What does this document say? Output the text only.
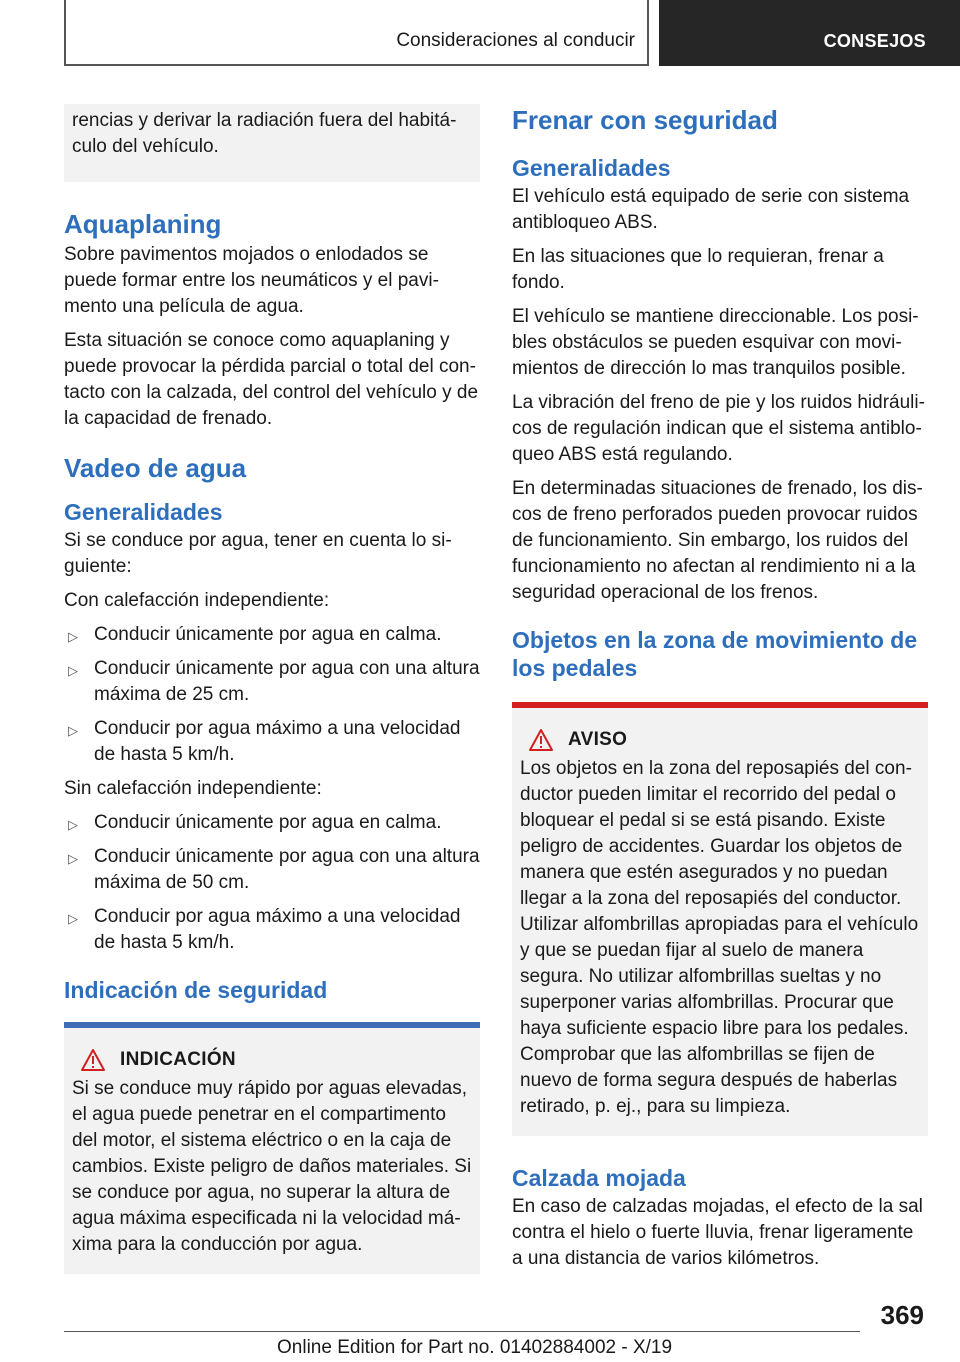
Consideraciones al conducir	CONSEJOS

rencias y derivar la radiación fuera del habitáculo del vehículo.

Aquaplaning

Sobre pavimentos mojados o enlodados se puede formar entre los neumáticos y el pavimento una película de agua.

Esta situación se conoce como aquaplaning y puede provocar la pérdida parcial o total del contacto con la calzada, del control del vehículo y de la capacidad de frenado.

Vadeo de agua
Generalidades

Si se conduce por agua, tener en cuenta lo siguiente:

Con calefacción independiente:

▷ Conducir únicamente por agua en calma.
▷ Conducir únicamente por agua con una altura máxima de 25 cm.
▷ Conducir por agua máximo a una velocidad de hasta 5 km/h.

Sin calefacción independiente:

▷ Conducir únicamente por agua en calma.
▷ Conducir únicamente por agua con una altura máxima de 50 cm.
▷ Conducir por agua máximo a una velocidad de hasta 5 km/h.
Indicación de seguridad
INDICACIÓN

Si se conduce muy rápido por aguas elevadas, el agua puede penetrar en el compartimento del motor, el sistema eléctrico o en la caja de cambios. Existe peligro de daños materiales. Si se conduce por agua, no superar la altura de agua máxima especificada ni la velocidad máxima para la conducción por agua.

Frenar con seguridad
Generalidades

El vehículo está equipado de serie con sistema antibloqueo ABS.

En las situaciones que lo requieran, frenar a fondo.

El vehículo se mantiene direccionable. Los posibles obstáculos se pueden esquivar con movimientos de dirección lo mas tranquilos posible.

La vibración del freno de pie y los ruidos hidráulicos de regulación indican que el sistema antibloqueo ABS está regulando.

En determinadas situaciones de frenado, los discos de freno perforados pueden provocar ruidos de funcionamiento. Sin embargo, los ruidos del funcionamiento no afectan al rendimiento ni a la seguridad operacional de los frenos.

Objetos en la zona de movimiento de los pedales
AVISO

Los objetos en la zona del reposapiés del conductor pueden limitar el recorrido del pedal o bloquear el pedal si se está pisando. Existe peligro de accidentes. Guardar los objetos de manera que estén asegurados y no puedan llegar a la zona del reposapiés del conductor. Utilizar alfombrillas apropiadas para el vehículo y que se puedan fijar al suelo de manera segura. No utilizar alfombrillas sueltas y no superponer varias alfombrillas. Procurar que haya suficiente espacio libre para los pedales. Comprobar que las alfombrillas se fijen de nuevo de forma segura después de haberlas retirado, p. ej., para su limpieza.

Calzada mojada

En caso de calzadas mojadas, el efecto de la sal contra el hielo o fuerte lluvia, frenar ligeramente a una distancia de varios kilómetros.

369
Online Edition for Part no. 01402884002 - X/19
